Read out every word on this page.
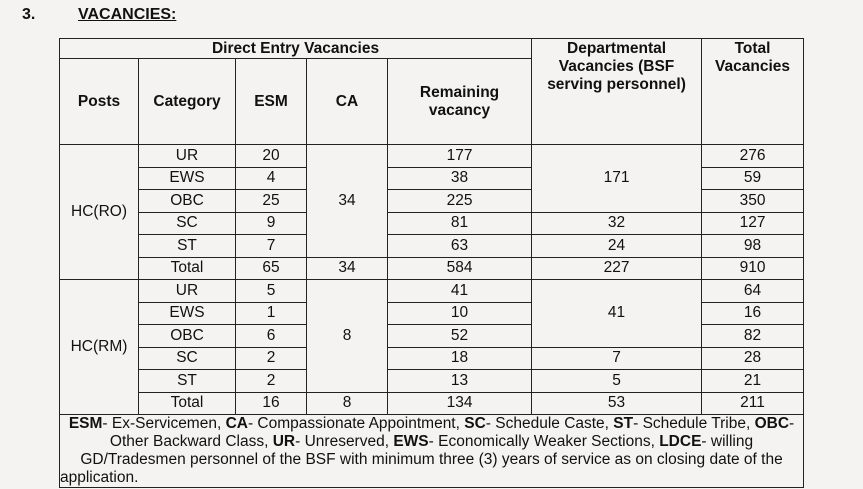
3.	VACANCIES:
Direct Entry Vacancies					Departmental Vacancies (BSF serving personnel)	Total Vacancies
Posts	Category	ESM	CA	Remaining vacancy		

HC(RO)	UR	20	34	177	171	276
	EWS	4		38		59
	OBC	25		225		350
	SC	9		81	32	127
	ST	7		63	24	98
	Total	65	34	584	227	910
HC(RM)	UR	5	8	41	41	64
	EWS	1		10		16
	OBC	6		52		82
	SC	2		18	7	28
	ST	2		13	5	21
	Total	16	8	134	53	211
ESM- Ex-Servicemen, CA- Compassionate Appointment, SC- Schedule Caste, ST- Schedule Tribe, OBC- Other Backward Class, UR- Unreserved, EWS- Economically Weaker Sections, LDCE- willing GD/Tradesmen personnel of the BSF with minimum three (3) years of service as on closing date of the application.						
